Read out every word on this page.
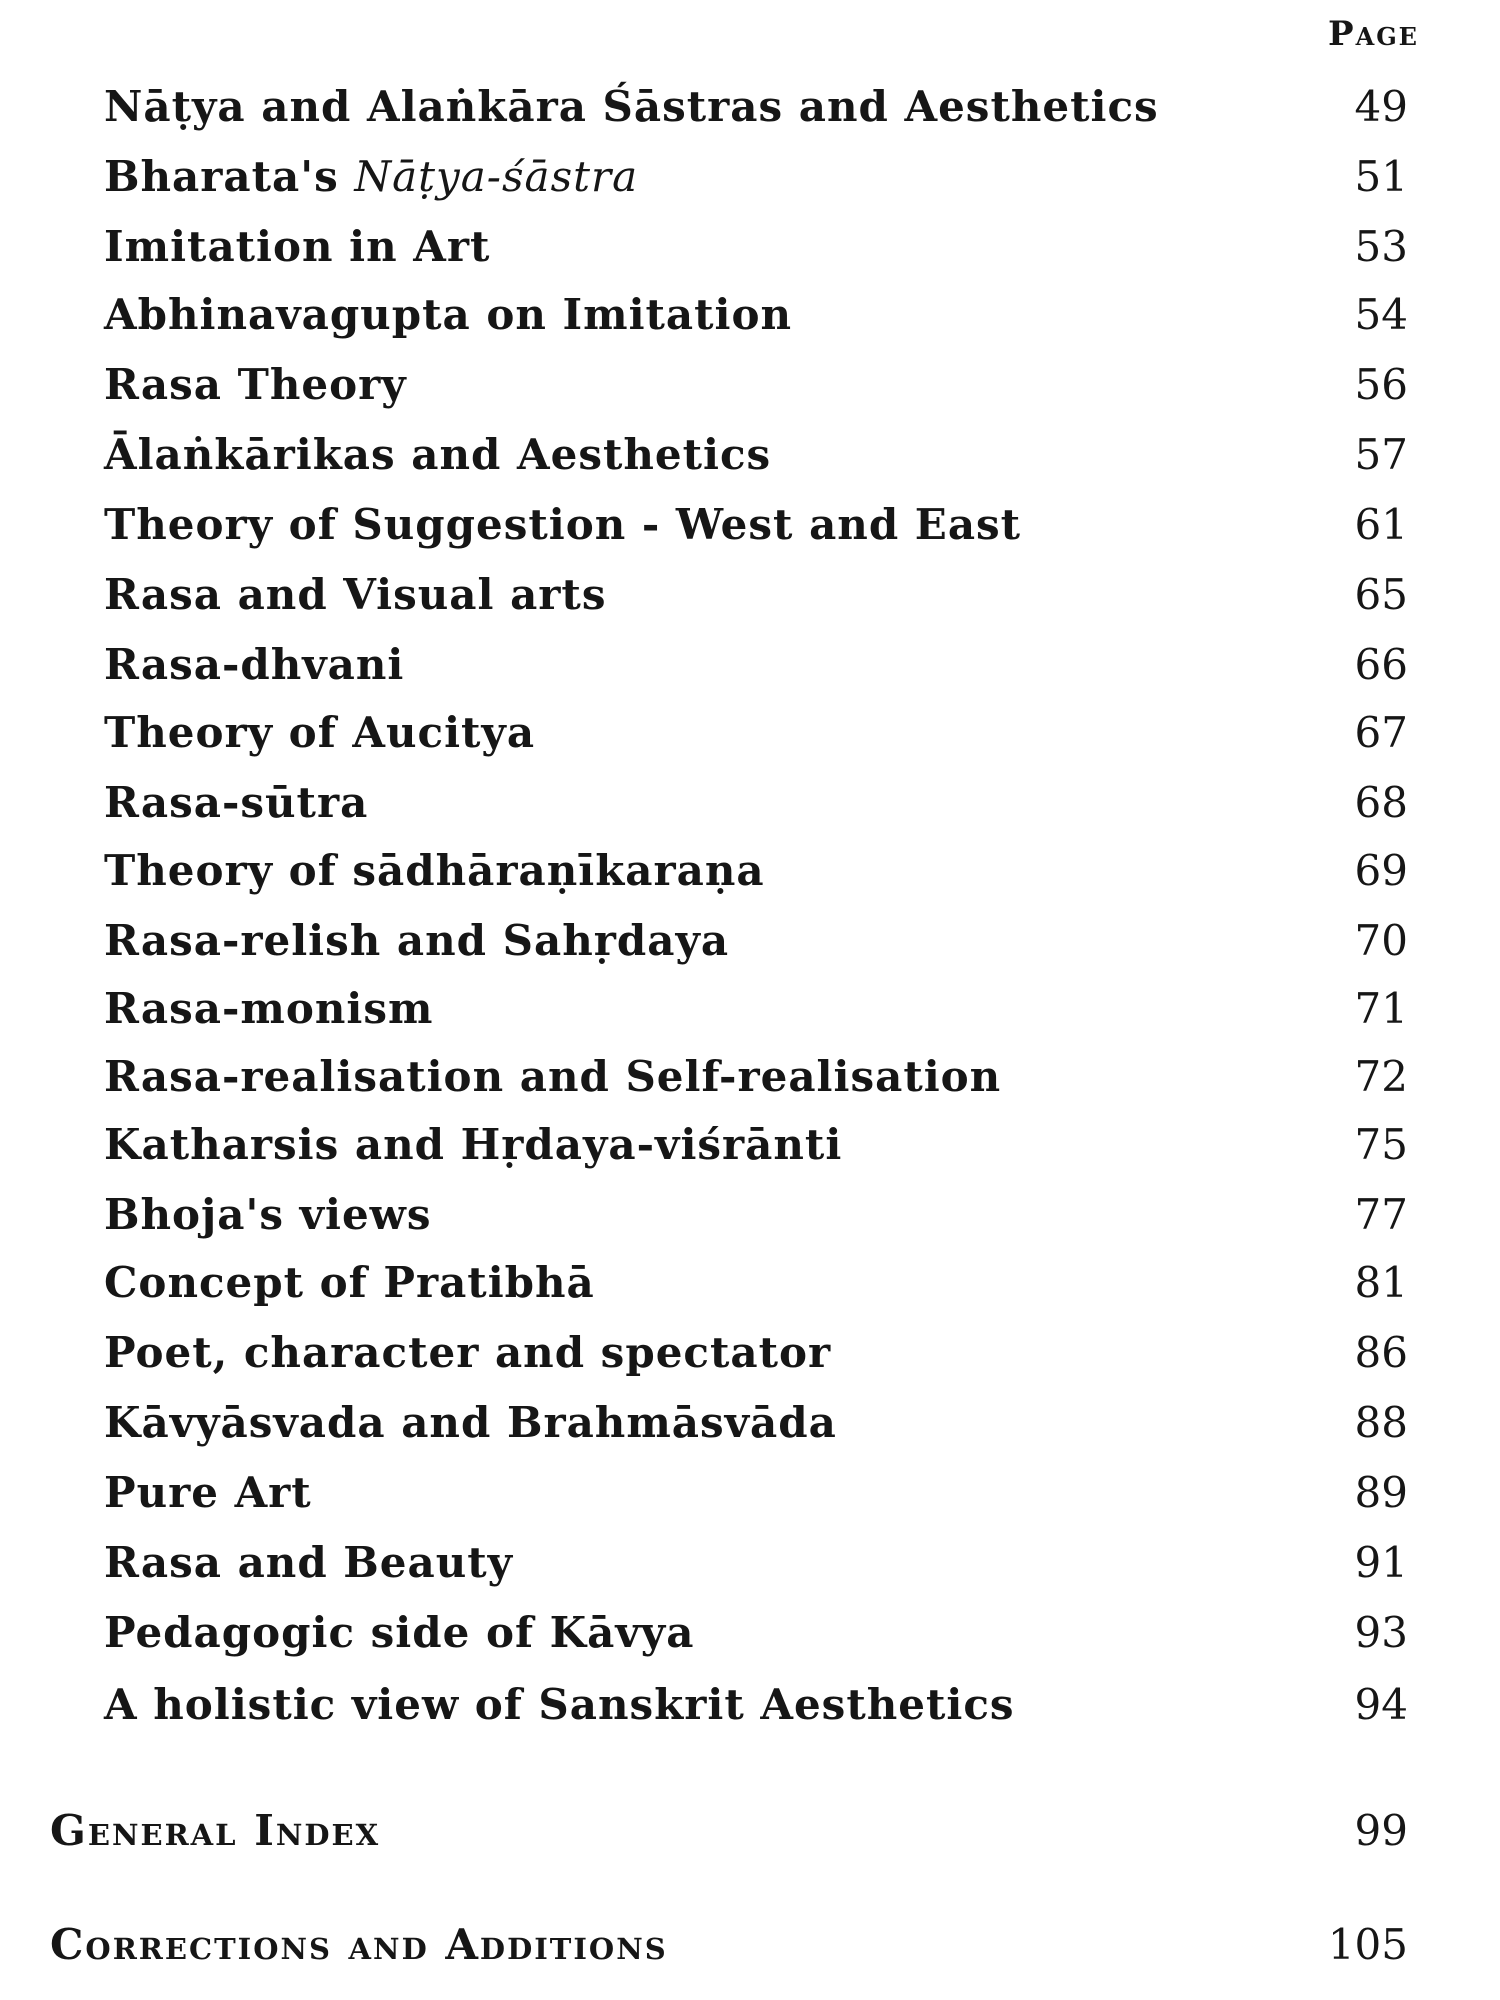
Page
Nāṭya and Alaṅkāra Śāstras and Aesthetics	49
Bharata's Nāṭya-śāstra	51
Imitation in Art	53
Abhinavagupta on Imitation	54
Rasa Theory	56
Ālaṅkārikas and Aesthetics	57
Theory of Suggestion - West and East	61
Rasa and Visual arts	65
Rasa-dhvani	66
Theory of Aucitya	67
Rasa-sūtra	68
Theory of sādhāraṇīkaraṇa	69
Rasa-relish and Sahṛdaya	70
Rasa-monism	71
Rasa-realisation and Self-realisation	72
Katharsis and Hṛdaya-viśrānti	75
Bhoja's views	77
Concept of Pratibhā	81
Poet, character and spectator	86
Kāvyāsvada and Brahmāsvāda	88
Pure Art	89
Rasa and Beauty	91
Pedagogic side of Kāvya	93
A holistic view of Sanskrit Aesthetics	94
General Index	99
Corrections and Additions	105
